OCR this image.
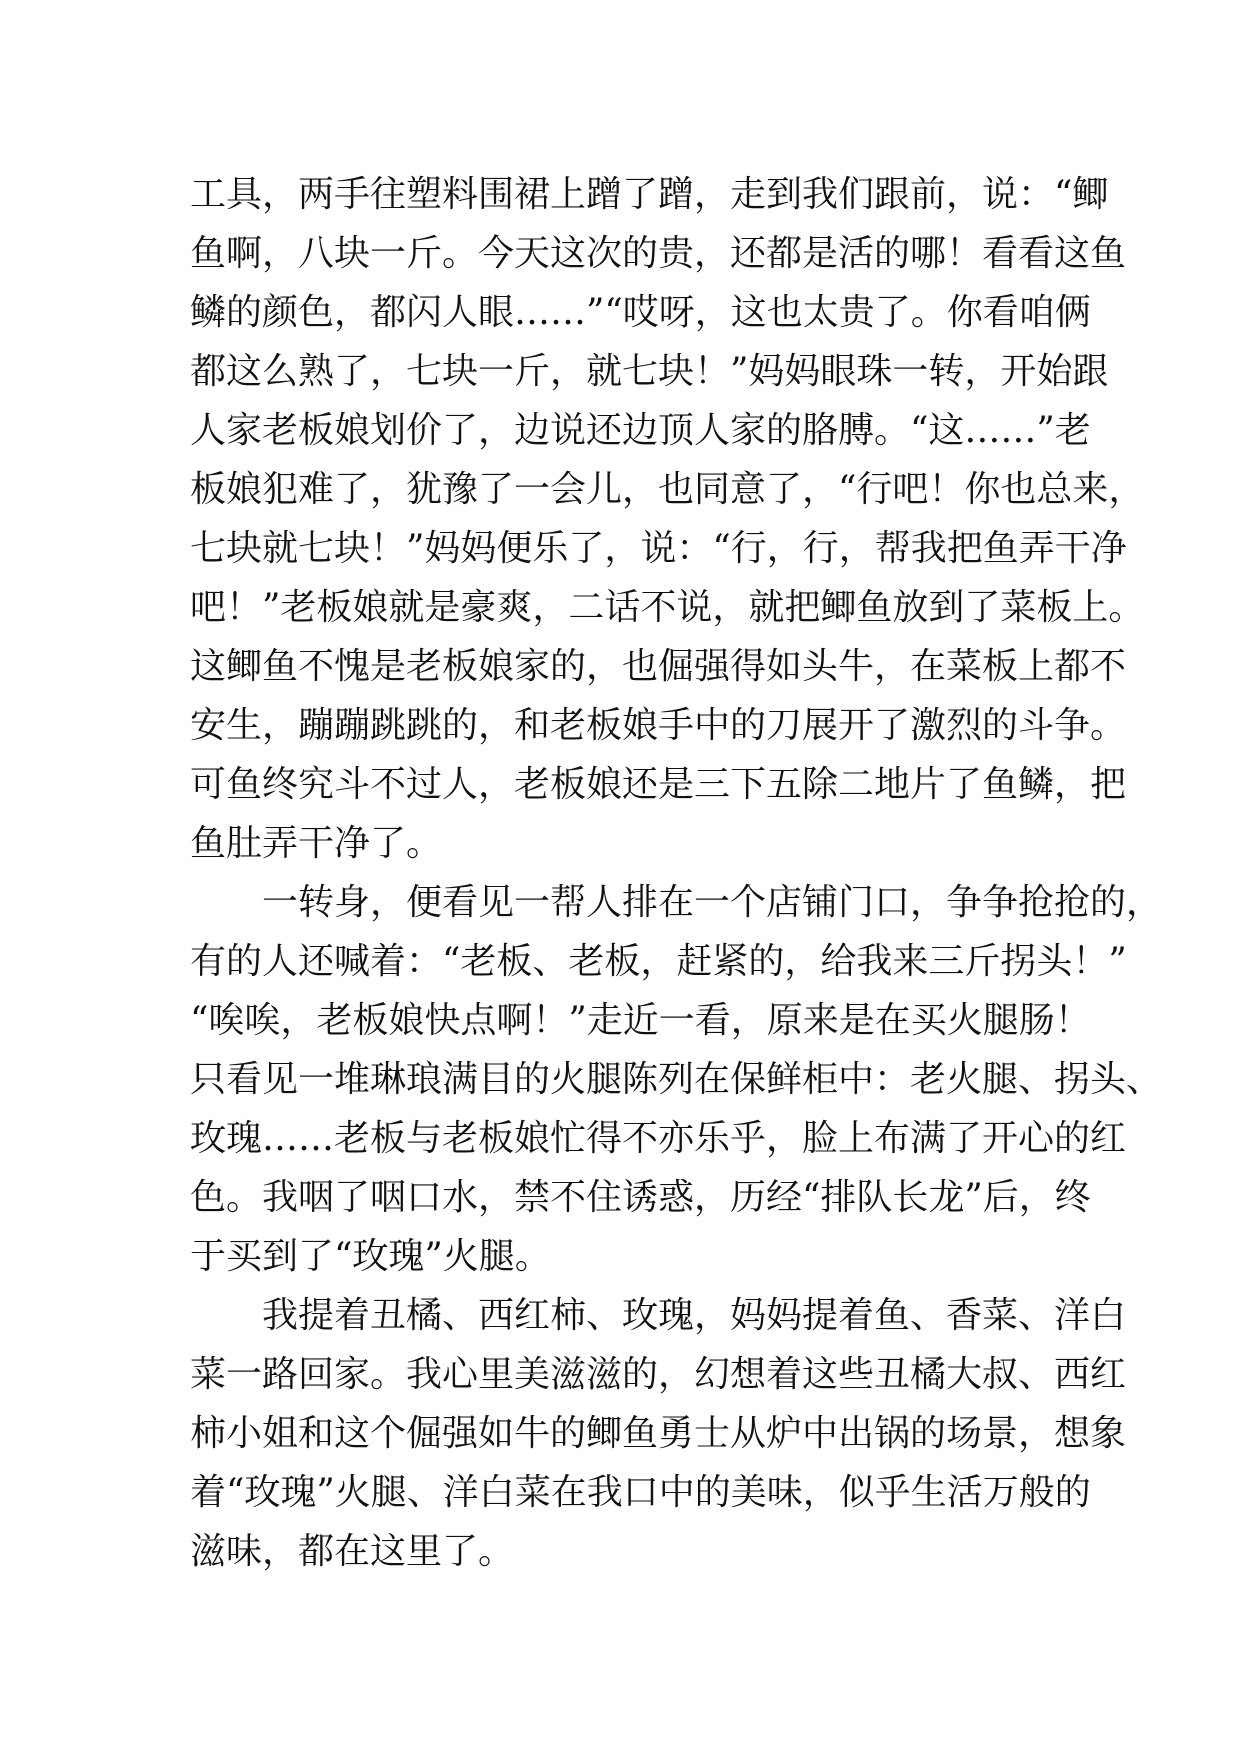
工具，两手往塑料围裙上蹭了蹭，走到我们跟前，说：“鲫
鱼啊，八块一斤。今天这次的贵，还都是活的哪！看看这鱼
鳞的颜色，都闪人眼……”“哎呀，这也太贵了。你看咱俩
都这么熟了，七块一斤，就七块！”妈妈眼珠一转，开始跟
人家老板娘划价了，边说还边顶人家的胳膊。“这……”老
板娘犯难了，犹豫了一会儿，也同意了，“行吧！你也总来，
七块就七块！”妈妈便乐了，说：“行，行，帮我把鱼弄干净
吧！”老板娘就是豪爽，二话不说，就把鲫鱼放到了菜板上。
这鲫鱼不愧是老板娘家的，也倔强得如头牛，在菜板上都不
安生，蹦蹦跳跳的，和老板娘手中的刀展开了激烈的斗争。
可鱼终究斗不过人，老板娘还是三下五除二地片了鱼鳞，把
鱼肚弄干净了。
一转身，便看见一帮人排在一个店铺门口，争争抢抢的，
有的人还喊着：“老板、老板，赶紧的，给我来三斤拐头！”
“唉唉，老板娘快点啊！”走近一看，原来是在买火腿肠！
只看见一堆琳琅满目的火腿陈列在保鲜柜中：老火腿、拐头、
玫瑰……老板与老板娘忙得不亦乐乎，脸上布满了开心的红
色。我咽了咽口水，禁不住诱惑，历经“排队长龙”后，终
于买到了“玫瑰”火腿。
我提着丑橘、西红柿、玫瑰，妈妈提着鱼、香菜、洋白
菜一路回家。我心里美滋滋的，幻想着这些丑橘大叔、西红
柿小姐和这个倔强如牛的鲫鱼勇士从炉中出锅的场景，想象
着“玫瑰”火腿、洋白菜在我口中的美味，似乎生活万般的
滋味，都在这里了。
